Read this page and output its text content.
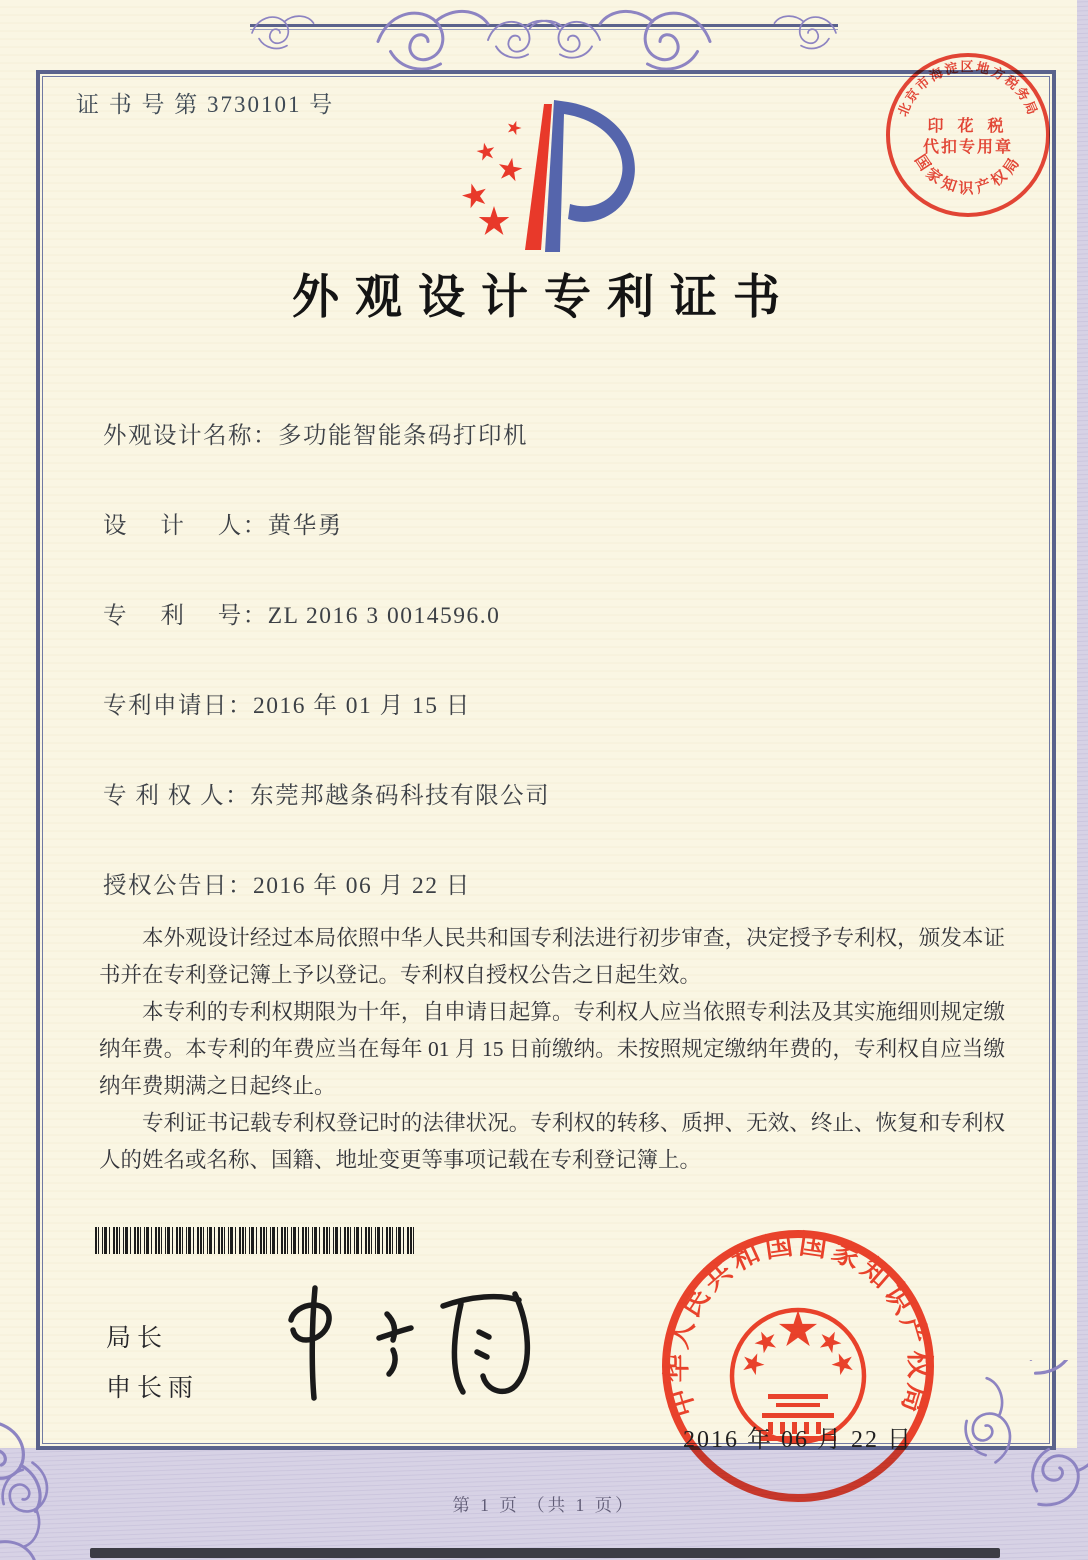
证 书 号 第 3730101 号
外观设计专利证书
北京市海淀区地方税务局
印 花 税
代扣专用章
国家知识产权局
外观设计名称：多功能智能条码打印机
设　 计　 人：黄华勇
专　 利　 号：ZL 2016 3 0014596.0
专利申请日：2016 年 01 月 15 日
专 利 权 人：东莞邦越条码科技有限公司
授权公告日：2016 年 06 月 22 日

本外观设计经过本局依照中华人民共和国专利法进行初步审查，决定授予专利权，颁发本证书并在专利登记簿上予以登记。专利权自授权公告之日起生效。

本专利的专利权期限为十年，自申请日起算。专利权人应当依照专利法及其实施细则规定缴纳年费。本专利的年费应当在每年 01 月 15 日前缴纳。未按照规定缴纳年费的，专利权自应当缴纳年费期满之日起终止。

专利证书记载专利权登记时的法律状况。专利权的转移、质押、无效、终止、恢复和专利权人的姓名或名称、国籍、地址变更等事项记载在专利登记簿上。

局长
申长雨	中华人民共和国国家知识产权局
2016 年 06 月 22 日
第 1 页 （共 1 页）
